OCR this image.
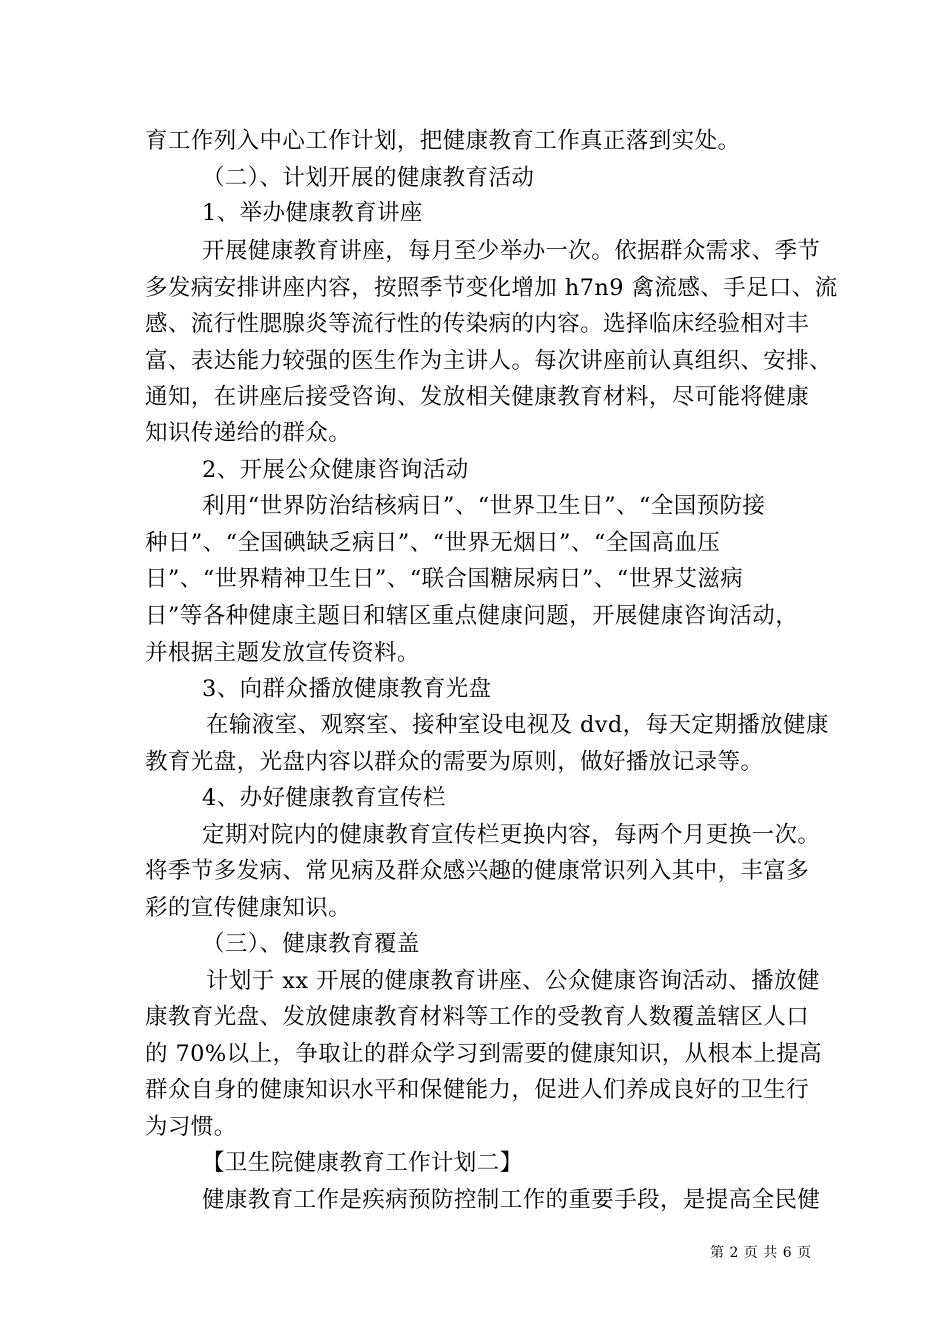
育工作列入中心工作计划，把健康教育工作真正落到实处。
（二）、计划开展的健康教育活动
1、举办健康教育讲座
开展健康教育讲座，每月至少举办一次。依据群众需求、季节
多发病安排讲座内容，按照季节变化增加 h7n9 禽流感、手足口、流
感、流行性腮腺炎等流行性的传染病的内容。选择临床经验相对丰
富、表达能力较强的医生作为主讲人。每次讲座前认真组织、安排、
通知，在讲座后接受咨询、发放相关健康教育材料，尽可能将健康
知识传递给的群众。
2、开展公众健康咨询活动
利用“世界防治结核病日”、“世界卫生日”、“全国预防接
种日”、“全国碘缺乏病日”、“世界无烟日”、“全国高血压
日”、“世界精神卫生日”、“联合国糖尿病日”、“世界艾滋病
日”等各种健康主题日和辖区重点健康问题，开展健康咨询活动，
并根据主题发放宣传资料。
3、向群众播放健康教育光盘
在输液室、观察室、接种室设电视及 dvd，每天定期播放健康
教育光盘，光盘内容以群众的需要为原则，做好播放记录等。
4、办好健康教育宣传栏
定期对院内的健康教育宣传栏更换内容，每两个月更换一次。
将季节多发病、常见病及群众感兴趣的健康常识列入其中，丰富多
彩的宣传健康知识。
（三）、健康教育覆盖
计划于 xx 开展的健康教育讲座、公众健康咨询活动、播放健
康教育光盘、发放健康教育材料等工作的受教育人数覆盖辖区人口
的 70%以上，争取让的群众学习到需要的健康知识，从根本上提高
群众自身的健康知识水平和保健能力，促进人们养成良好的卫生行
为习惯。
【卫生院健康教育工作计划二】
健康教育工作是疾病预防控制工作的重要手段，是提高全民健
第 2 页 共 6 页
